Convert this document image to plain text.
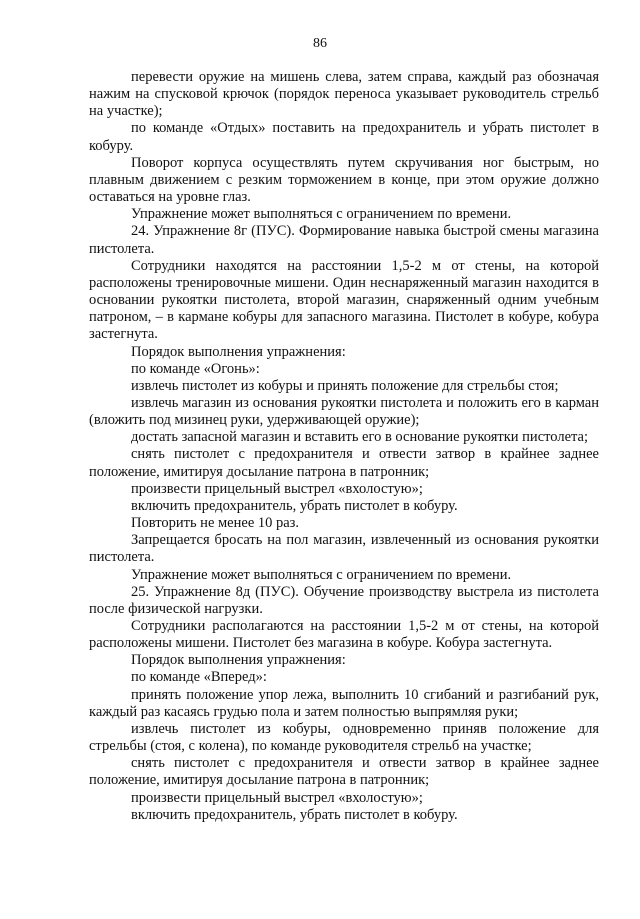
86

перевести оружие на мишень слева, затем справа, каждый раз обозначая нажим на спусковой крючок (порядок переноса указывает руководитель стрельб на участке);

по команде «Отдых» поставить на предохранитель и убрать пистолет в кобуру.

Поворот корпуса осуществлять путем скручивания ног быстрым, но плавным движением с резким торможением в конце, при этом оружие должно оставаться на уровне глаз.

Упражнение может выполняться с ограничением по времени.

24. Упражнение 8г (ПУС). Формирование навыка быстрой смены магазина пистолета.

Сотрудники находятся на расстоянии 1,5-2 м от стены, на которой расположены тренировочные мишени. Один неснаряженный магазин находится в основании рукоятки пистолета, второй магазин, снаряженный одним учебным патроном, – в кармане кобуры для запасного магазина. Пистолет в кобуре, кобура застегнута.

Порядок выполнения упражнения:

по команде «Огонь»:

извлечь пистолет из кобуры и принять положение для стрельбы стоя;

извлечь магазин из основания рукоятки пистолета и положить его в карман (вложить под мизинец руки, удерживающей оружие);

достать запасной магазин и вставить его в основание рукоятки пистолета;

снять пистолет с предохранителя и отвести затвор в крайнее заднее положение, имитируя досылание патрона в патронник;

произвести прицельный выстрел «вхолостую»;

включить предохранитель, убрать пистолет в кобуру.

Повторить не менее 10 раз.

Запрещается бросать на пол магазин, извлеченный из основания рукоятки пистолета.

Упражнение может выполняться с ограничением по времени.

25. Упражнение 8д (ПУС). Обучение производству выстрела из пистолета после физической нагрузки.

Сотрудники располагаются на расстоянии 1,5-2 м от стены, на которой расположены мишени. Пистолет без магазина в кобуре. Кобура застегнута.

Порядок выполнения упражнения:

по команде «Вперед»:

принять положение упор лежа, выполнить 10 сгибаний и разгибаний рук, каждый раз касаясь грудью пола и затем полностью выпрямляя руки;

извлечь пистолет из кобуры, одновременно приняв положение для стрельбы (стоя, с колена), по команде руководителя стрельб на участке;

снять пистолет с предохранителя и отвести затвор в крайнее заднее положение, имитируя досылание патрона в патронник;

произвести прицельный выстрел «вхолостую»;

включить предохранитель, убрать пистолет в кобуру.
